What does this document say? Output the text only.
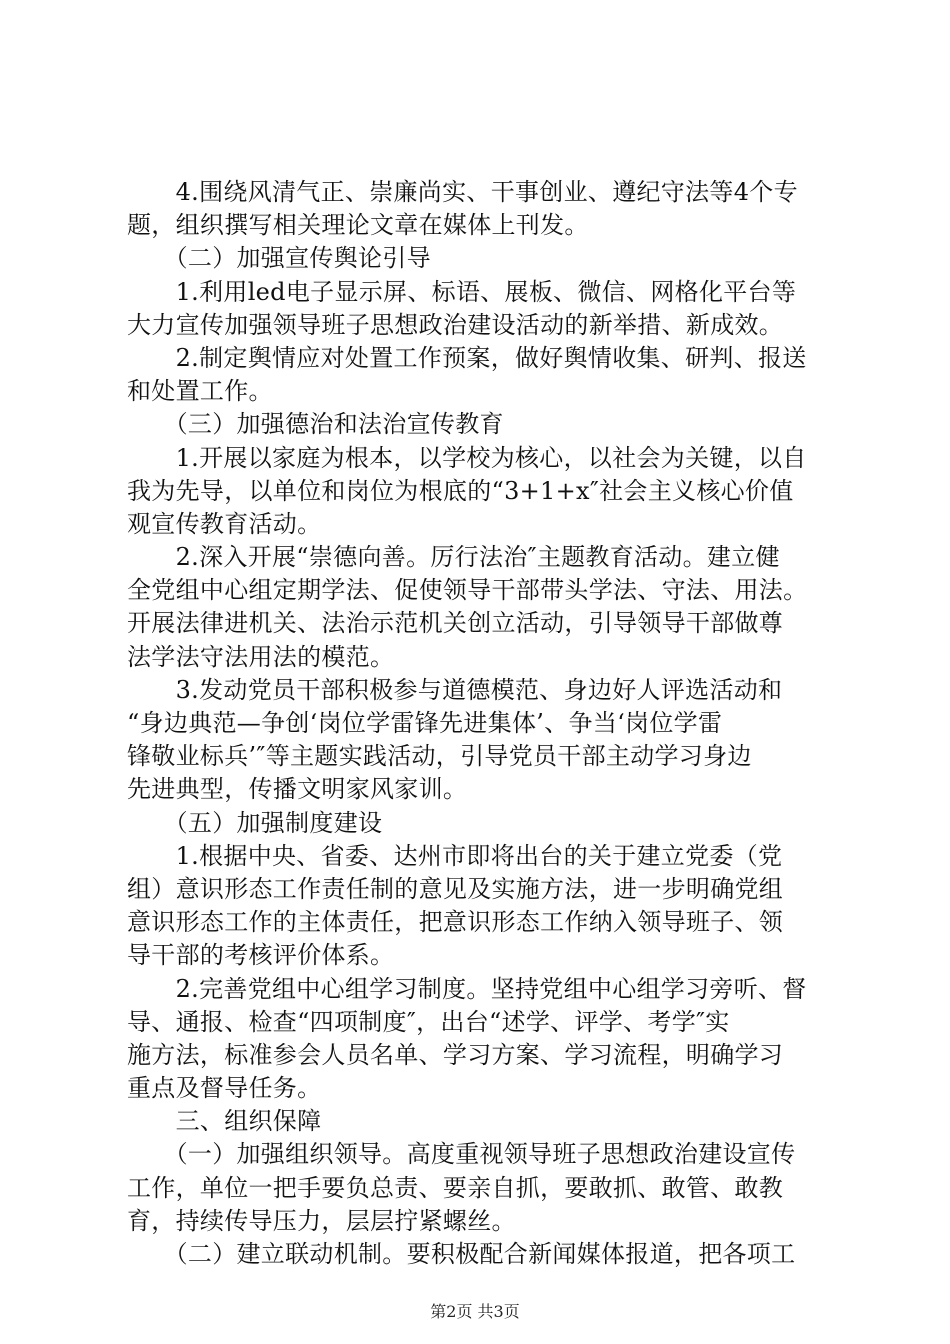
　　4.围绕风清气正、崇廉尚实、干事创业、遵纪守法等4个专
题，组织撰写相关理论文章在媒体上刊发。
　　（二）加强宣传舆论引导
　　1.利用led电子显示屏、标语、展板、微信、网格化平台等
大力宣传加强领导班子思想政治建设活动的新举措、新成效。
　　2.制定舆情应对处置工作预案，做好舆情收集、研判、报送
和处置工作。
　　（三）加强德治和法治宣传教育
　　1.开展以家庭为根本，以学校为核心，以社会为关键，以自
我为先导，以单位和岗位为根底的“3+1+x″社会主义核心价值
观宣传教育活动。
　　2.深入开展“崇德向善。厉行法治″主题教育活动。建立健
全党组中心组定期学法、促使领导干部带头学法、守法、用法。
开展法律进机关、法治示范机关创立活动，引导领导干部做尊
法学法守法用法的模范。
　　3.发动党员干部积极参与道德模范、身边好人评选活动和
“身边典范—争创‘岗位学雷锋先进集体’、争当‘岗位学雷
锋敬业标兵’″等主题实践活动，引导党员干部主动学习身边
先进典型，传播文明家风家训。
　　（五）加强制度建设
　　1.根据中央、省委、达州市即将出台的关于建立党委（党
组）意识形态工作责任制的意见及实施方法，进一步明确党组
意识形态工作的主体责任，把意识形态工作纳入领导班子、领
导干部的考核评价体系。
　　2.完善党组中心组学习制度。坚持党组中心组学习旁听、督
导、通报、检查“四项制度″，出台“述学、评学、考学″实
施方法，标准参会人员名单、学习方案、学习流程，明确学习
重点及督导任务。
　　三、组织保障
　　（一）加强组织领导。高度重视领导班子思想政治建设宣传
工作，单位一把手要负总责、要亲自抓，要敢抓、敢管、敢教
育，持续传导压力，层层拧紧螺丝。
　　（二）建立联动机制。要积极配合新闻媒体报道，把各项工
第2页 共3页
